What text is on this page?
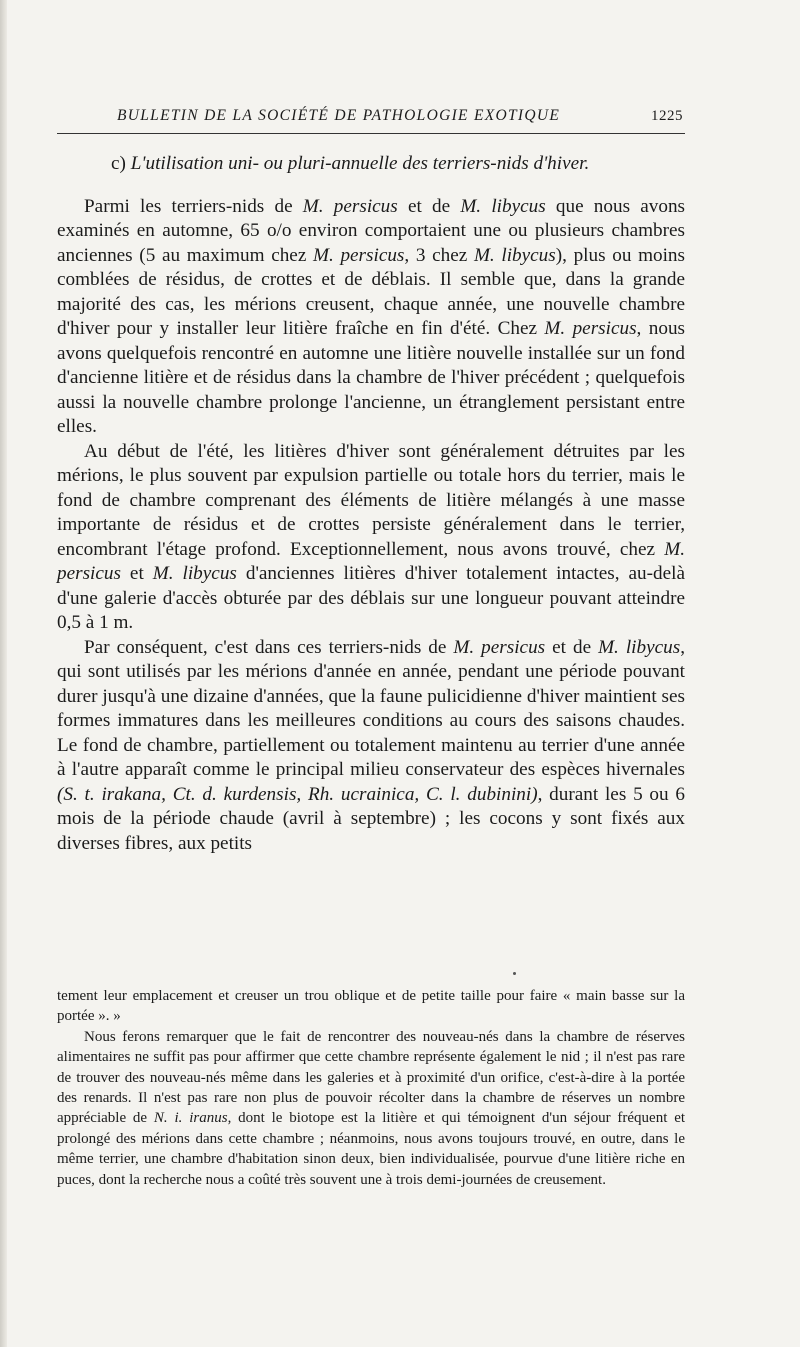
BULLETIN DE LA SOCIÉTÉ DE PATHOLOGIE EXOTIQUE	1225

c) L'utilisation uni- ou pluri-annuelle des terriers-nids d'hiver.

Parmi les terriers-nids de M. persicus et de M. libycus que nous avons examinés en automne, 65 o/o environ comportaient une ou plusieurs chambres anciennes (5 au maximum chez M. persicus, 3 chez M. libycus), plus ou moins comblées de résidus, de crottes et de déblais. Il semble que, dans la grande majorité des cas, les mérions creusent, chaque année, une nouvelle chambre d'hiver pour y installer leur litière fraîche en fin d'été. Chez M. persicus, nous avons quelquefois rencontré en automne une litière nouvelle installée sur un fond d'ancienne litière et de résidus dans la chambre de l'hiver précédent ; quelquefois aussi la nouvelle chambre prolonge l'ancienne, un étranglement persistant entre elles.

Au début de l'été, les litières d'hiver sont généralement détruites par les mérions, le plus souvent par expulsion partielle ou totale hors du terrier, mais le fond de chambre comprenant des éléments de litière mélangés à une masse importante de résidus et de crottes persiste généralement dans le terrier, encombrant l'étage profond. Exceptionnellement, nous avons trouvé, chez M. persicus et M. libycus d'anciennes litières d'hiver totalement intactes, au-delà d'une galerie d'accès obturée par des déblais sur une longueur pouvant atteindre 0,5 à 1 m.

Par conséquent, c'est dans ces terriers-nids de M. persicus et de M. libycus, qui sont utilisés par les mérions d'année en année, pendant une période pouvant durer jusqu'à une dizaine d'années, que la faune pulicidienne d'hiver maintient ses formes immatures dans les meilleures conditions au cours des saisons chaudes. Le fond de chambre, partiellement ou totalement maintenu au terrier d'une année à l'autre apparaît comme le principal milieu conservateur des espèces hivernales (S. t. irakana, Ct. d. kurdensis, Rh. ucrainica, C. l. dubinini), durant les 5 ou 6 mois de la période chaude (avril à septembre) ; les cocons y sont fixés aux diverses fibres, aux petits

tement leur emplacement et creuser un trou oblique et de petite taille pour faire « main basse sur la portée ». »

Nous ferons remarquer que le fait de rencontrer des nouveau-nés dans la chambre de réserves alimentaires ne suffit pas pour affirmer que cette chambre représente également le nid ; il n'est pas rare de trouver des nouveau-nés même dans les galeries et à proximité d'un orifice, c'est-à-dire à la portée des renards. Il n'est pas rare non plus de pouvoir récolter dans la chambre de réserves un nombre appréciable de N. i. iranus, dont le biotope est la litière et qui témoignent d'un séjour fréquent et prolongé des mérions dans cette chambre ; néanmoins, nous avons toujours trouvé, en outre, dans le même terrier, une chambre d'habitation sinon deux, bien individualisée, pourvue d'une litière riche en puces, dont la recherche nous a coûté très souvent une à trois demi-journées de creusement.
